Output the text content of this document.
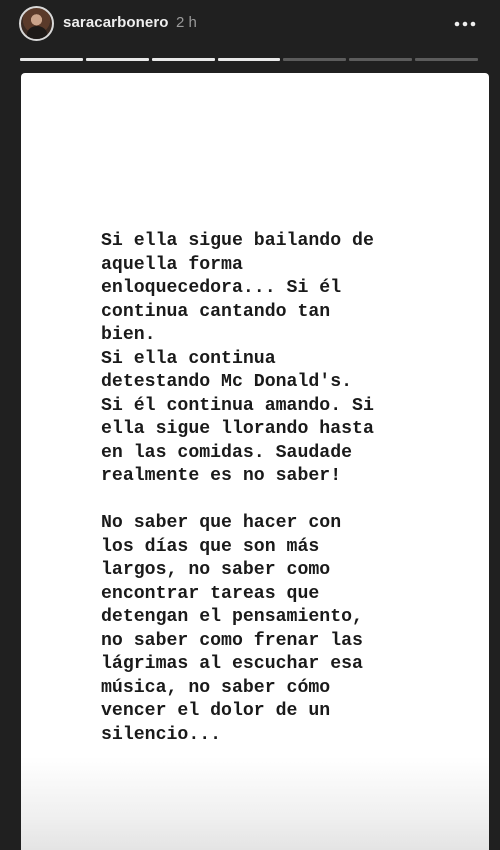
saracarbonero 2 h
Si ella sigue bailando de
aquella forma
enloquecedora... Si él
continua cantando tan
bien.
Si ella continua
detestando Mc Donald's.
Si él continua amando. Si
ella sigue llorando hasta
en las comidas. Saudade
realmente es no saber!

No saber que hacer con
los días que son más
largos, no saber como
encontrar tareas que
detengan el pensamiento,
no saber como frenar las
lágrimas al escuchar esa
música, no saber cómo
vencer el dolor de un
silencio...
